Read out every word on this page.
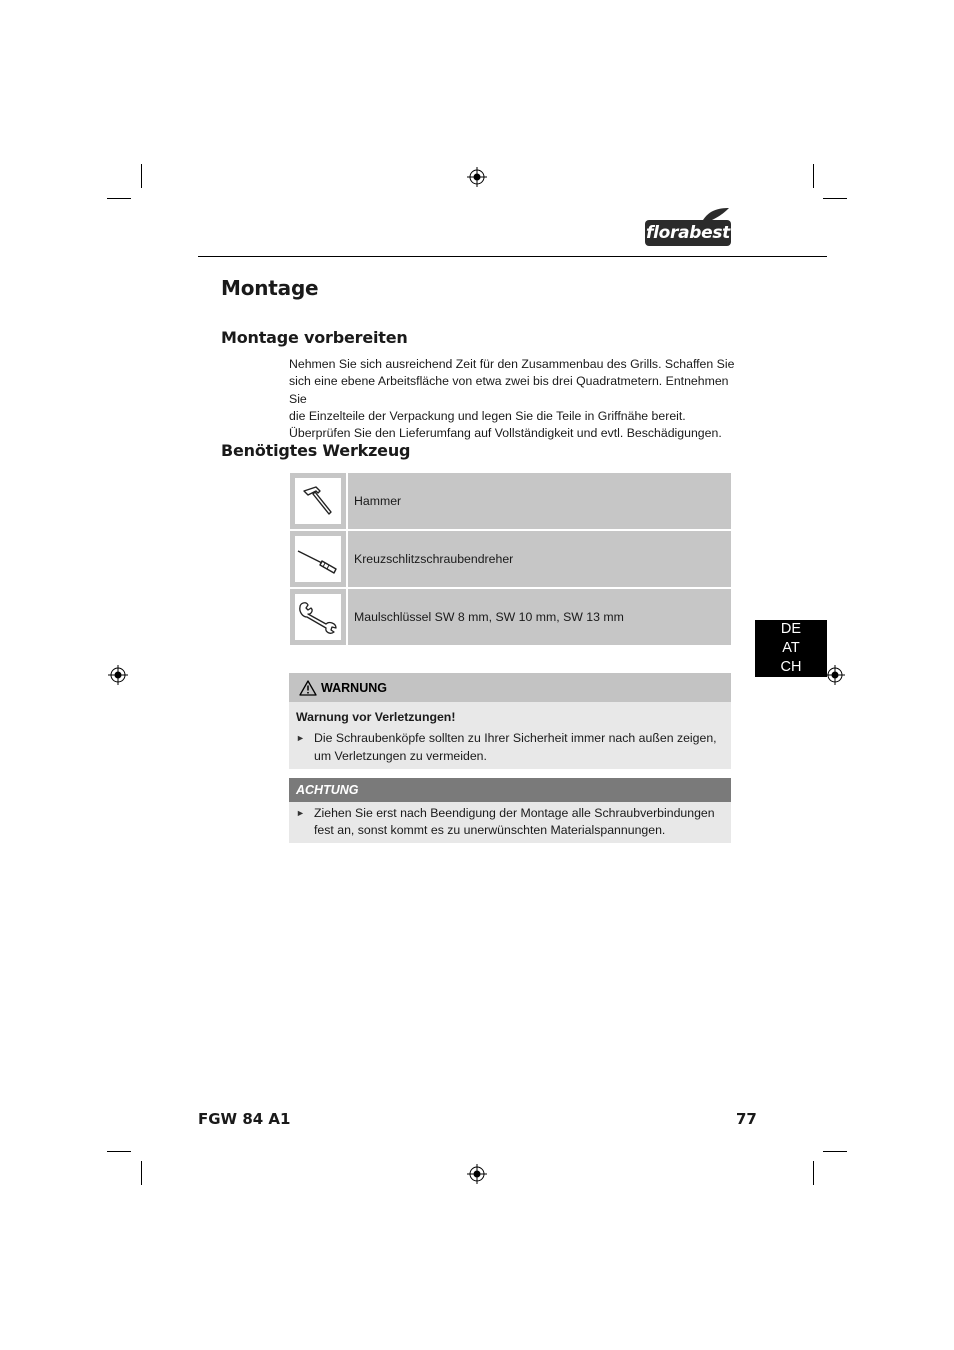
florabest
Montage
Montage vorbereiten
Nehmen Sie sich ausreichend Zeit für den Zusammenbau des Grills. Schaffen Sie
sich eine ebene Arbeitsfläche von etwa zwei bis drei Quadratmetern. Entnehmen Sie
die Einzelteile der Verpackung und legen Sie die Teile in Griffnähe bereit.
Überprüfen Sie den Lieferumfang auf Vollständigkeit und evtl. Beschädigungen.
Benötigtes Werkzeug
Hammer
Kreuzschlitzschraubendreher
Maulschlüssel SW 8 mm, SW 10 mm, SW 13 mm
DE
AT
CH
WARNUNG
Warnung vor Verletzungen!
► Die Schraubenköpfe sollten zu Ihrer Sicherheit immer nach außen zeigen,
um Verletzungen zu vermeiden.
ACHTUNG
► Ziehen Sie erst nach Beendigung der Montage alle Schraubverbindungen
fest an, sonst kommt es zu unerwünschten Materialspannungen.
FGW 84 A1	77
